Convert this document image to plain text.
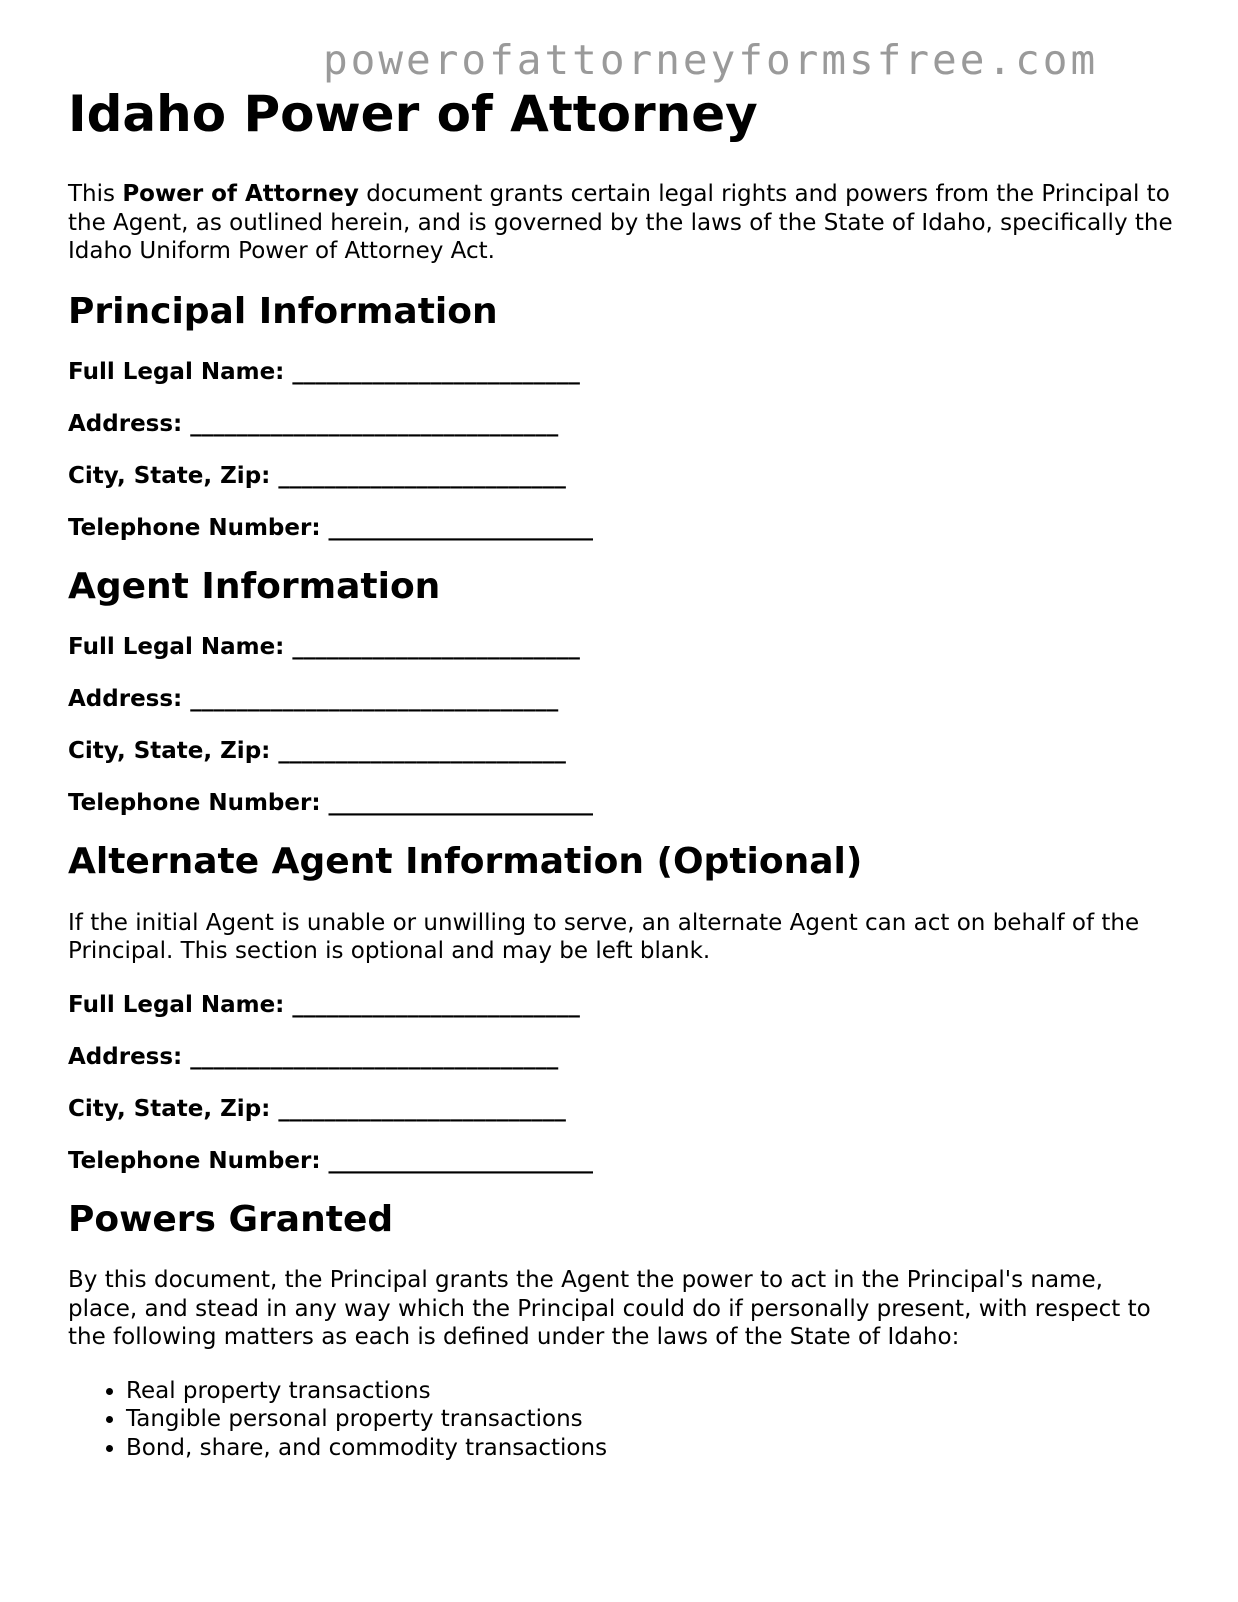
powerofattorneyformsfree.com
Idaho Power of Attorney

This Power of Attorney document grants certain legal rights and powers from the Principal to the Agent, as outlined herein, and is governed by the laws of the State of Idaho, specifically the Idaho Uniform Power of Attorney Act.

Principal Information
Full Legal Name: _________________________
Address: ________________________________
City, State, Zip: _________________________
Telephone Number: _______________________
Agent Information
Full Legal Name: _________________________
Address: ________________________________
City, State, Zip: _________________________
Telephone Number: _______________________
Alternate Agent Information (Optional)

If the initial Agent is unable or unwilling to serve, an alternate Agent can act on behalf of the Principal. This section is optional and may be left blank.

Full Legal Name: _________________________
Address: ________________________________
City, State, Zip: _________________________
Telephone Number: _______________________
Powers Granted

By this document, the Principal grants the Agent the power to act in the Principal's name, place, and stead in any way which the Principal could do if personally present, with respect to the following matters as each is defined under the laws of the State of Idaho:

• Real property transactions
• Tangible personal property transactions
• Bond, share, and commodity transactions
